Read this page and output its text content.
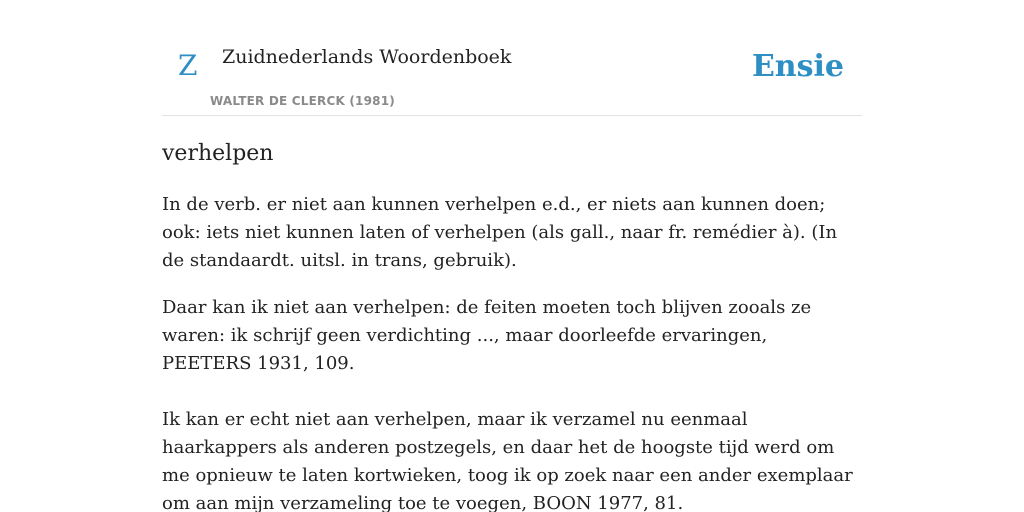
Z Zuidnederlands Woordenboek
WALTER DE CLERCK (1981)
Ensie
verhelpen

In de verb. er niet aan kunnen verhelpen e.d., er niets aan kunnen doen; ook: iets niet kunnen laten of verhelpen (als gall., naar fr. remédier à). (In de standaardt. uitsl. in trans, gebruik).

Daar kan ik niet aan verhelpen: de feiten moeten toch blijven zooals ze waren: ik schrijf geen verdichting ..., maar doorleefde ervaringen, PEETERS 1931, 109.

Ik kan er echt niet aan verhelpen, maar ik verzamel nu eenmaal haarkappers als anderen postzegels, en daar het de hoogste tijd werd om me opnieuw te laten kortwieken, toog ik op zoek naar een ander exemplaar om aan mijn verzameling toe te voegen, BOON 1977, 81.
